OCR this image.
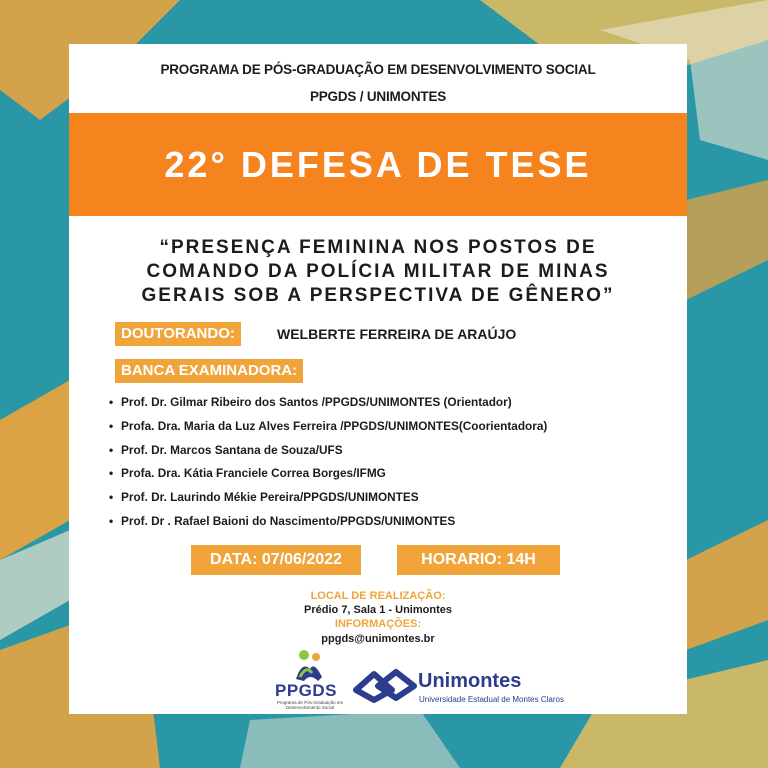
PROGRAMA DE PÓS-GRADUAÇÃO EM DESENVOLVIMENTO SOCIAL
PPGDS / UNIMONTES
22° DEFESA DE TESE
“PRESENÇA FEMININA NOS POSTOS DE
COMANDO DA POLÍCIA MILITAR DE MINAS
GERAIS SOB A PERSPECTIVA DE GÊNERO”
DOUTORANDO:	WELBERTE FERREIRA DE ARAÚJO
BANCA EXAMINADORA:
• Prof. Dr. Gilmar Ribeiro dos Santos /PPGDS/UNIMONTES (Orientador)
• Profa. Dra. Maria da Luz Alves Ferreira /PPGDS/UNIMONTES(Coorientadora)
• Prof. Dr. Marcos Santana de Souza/UFS
• Profa. Dra. Kátia Franciele Correa Borges/IFMG
• Prof. Dr. Laurindo Mékie Pereira/PPGDS/UNIMONTES
• Prof. Dr . Rafael Baioni do Nascimento/PPGDS/UNIMONTES
DATA: 07/06/2022	HORARIO: 14H
LOCAL DE REALIZAÇÃO:
Prédio 7, Sala 1 - Unimontes
INFORMAÇÕES:
ppgds@unimontes.br
PPGDS
Programa de Pós-Graduação em Desenvolvimento Social
Unimontes
Universidade Estadual de Montes Claros
